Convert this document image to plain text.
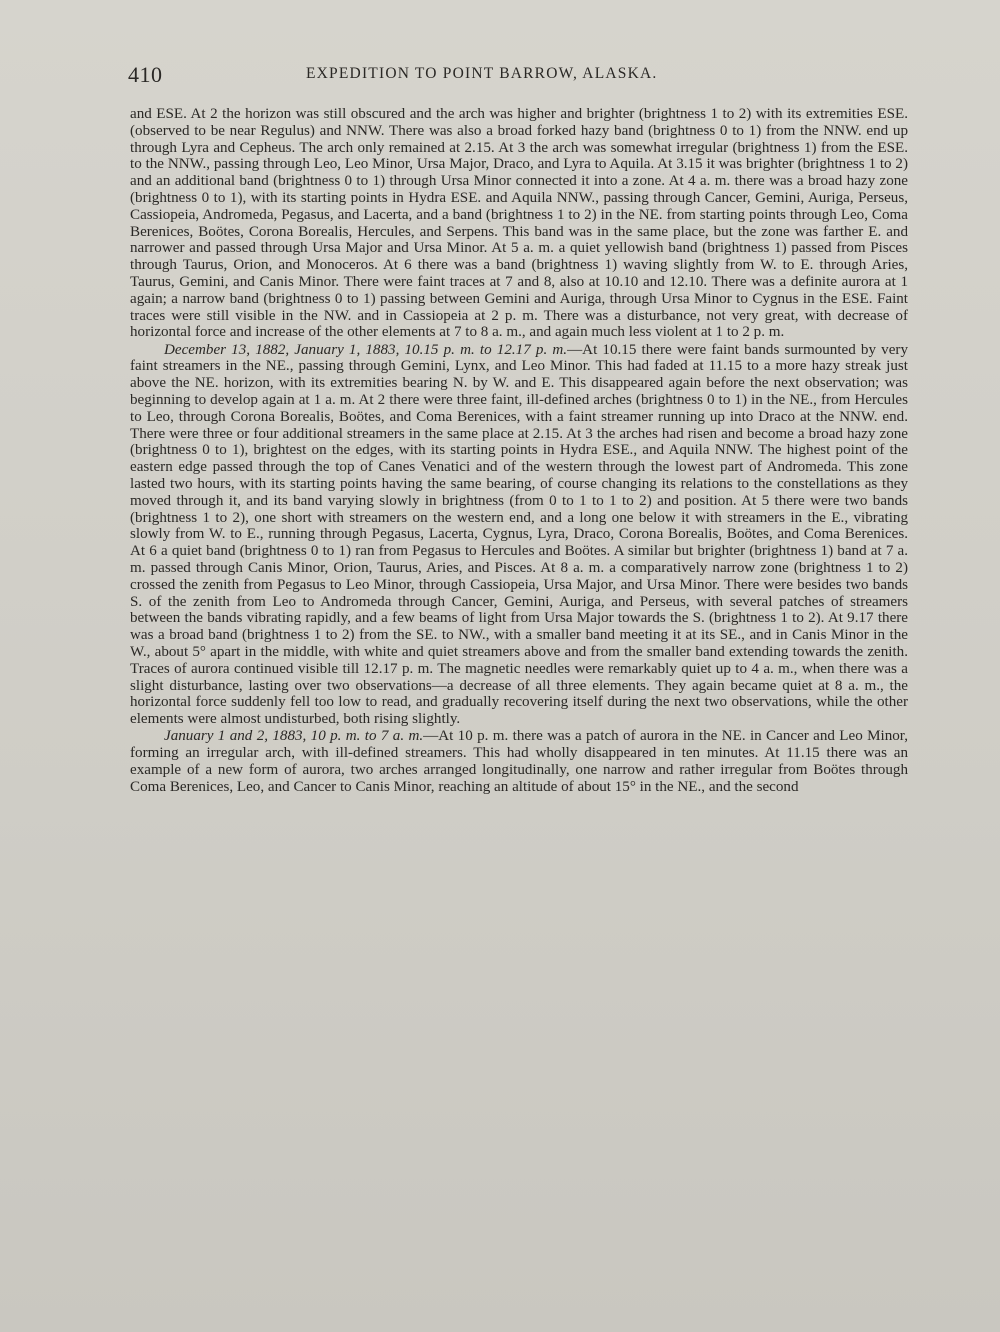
410	EXPEDITION TO POINT BARROW, ALASKA.

and ESE. At 2 the horizon was still obscured and the arch was higher and brighter (brightness 1 to 2) with its extremities ESE. (observed to be near Regulus) and NNW. There was also a broad forked hazy band (brightness 0 to 1) from the NNW. end up through Lyra and Cepheus. The arch only remained at 2.15. At 3 the arch was somewhat irregular (brightness 1) from the ESE. to the NNW., passing through Leo, Leo Minor, Ursa Major, Draco, and Lyra to Aquila. At 3.15 it was brighter (brightness 1 to 2) and an additional band (brightness 0 to 1) through Ursa Minor connected it into a zone. At 4 a. m. there was a broad hazy zone (brightness 0 to 1), with its starting points in Hydra ESE. and Aquila NNW., passing through Cancer, Gemini, Auriga, Perseus, Cassiopeia, Andromeda, Pegasus, and Lacerta, and a band (brightness 1 to 2) in the NE. from starting points through Leo, Coma Berenices, Boötes, Corona Borealis, Hercules, and Serpens. This band was in the same place, but the zone was farther E. and narrower and passed through Ursa Major and Ursa Minor. At 5 a. m. a quiet yellowish band (brightness 1) passed from Pisces through Taurus, Orion, and Monoceros. At 6 there was a band (brightness 1) waving slightly from W. to E. through Aries, Taurus, Gemini, and Canis Minor. There were faint traces at 7 and 8, also at 10.10 and 12.10. There was a definite aurora at 1 again; a narrow band (brightness 0 to 1) passing between Gemini and Auriga, through Ursa Minor to Cygnus in the ESE. Faint traces were still visible in the NW. and in Cassiopeia at 2 p. m. There was a disturbance, not very great, with decrease of horizontal force and increase of the other elements at 7 to 8 a. m., and again much less violent at 1 to 2 p. m.

December 13, 1882, January 1, 1883, 10.15 p. m. to 12.17 p. m.—At 10.15 there were faint bands surmounted by very faint streamers in the NE., passing through Gemini, Lynx, and Leo Minor. This had faded at 11.15 to a more hazy streak just above the NE. horizon, with its extremities bearing N. by W. and E. This disappeared again before the next observation; was beginning to develop again at 1 a. m. At 2 there were three faint, ill-defined arches (brightness 0 to 1) in the NE., from Hercules to Leo, through Corona Borealis, Boötes, and Coma Berenices, with a faint streamer running up into Draco at the NNW. end. There were three or four additional streamers in the same place at 2.15. At 3 the arches had risen and become a broad hazy zone (brightness 0 to 1), brightest on the edges, with its starting points in Hydra ESE., and Aquila NNW. The highest point of the eastern edge passed through the top of Canes Venatici and of the western through the lowest part of Andromeda. This zone lasted two hours, with its starting points having the same bearing, of course changing its relations to the constellations as they moved through it, and its band varying slowly in brightness (from 0 to 1 to 1 to 2) and position. At 5 there were two bands (brightness 1 to 2), one short with streamers on the western end, and a long one below it with streamers in the E., vibrating slowly from W. to E., running through Pegasus, Lacerta, Cygnus, Lyra, Draco, Corona Borealis, Boötes, and Coma Berenices. At 6 a quiet band (brightness 0 to 1) ran from Pegasus to Hercules and Boötes. A similar but brighter (brightness 1) band at 7 a. m. passed through Canis Minor, Orion, Taurus, Aries, and Pisces. At 8 a. m. a comparatively narrow zone (brightness 1 to 2) crossed the zenith from Pegasus to Leo Minor, through Cassiopeia, Ursa Major, and Ursa Minor. There were besides two bands S. of the zenith from Leo to Andromeda through Cancer, Gemini, Auriga, and Perseus, with several patches of streamers between the bands vibrating rapidly, and a few beams of light from Ursa Major towards the S. (brightness 1 to 2). At 9.17 there was a broad band (brightness 1 to 2) from the SE. to NW., with a smaller band meeting it at its SE., and in Canis Minor in the W., about 5° apart in the middle, with white and quiet streamers above and from the smaller band extending towards the zenith. Traces of aurora continued visible till 12.17 p. m. The magnetic needles were remarkably quiet up to 4 a. m., when there was a slight disturbance, lasting over two observations—a decrease of all three elements. They again became quiet at 8 a. m., the horizontal force suddenly fell too low to read, and gradually recovering itself during the next two observations, while the other elements were almost undisturbed, both rising slightly.

January 1 and 2, 1883, 10 p. m. to 7 a. m.—At 10 p. m. there was a patch of aurora in the NE. in Cancer and Leo Minor, forming an irregular arch, with ill-defined streamers. This had wholly disappeared in ten minutes. At 11.15 there was an example of a new form of aurora, two arches arranged longitudinally, one narrow and rather irregular from Boötes through Coma Berenices, Leo, and Cancer to Canis Minor, reaching an altitude of about 15° in the NE., and the second
